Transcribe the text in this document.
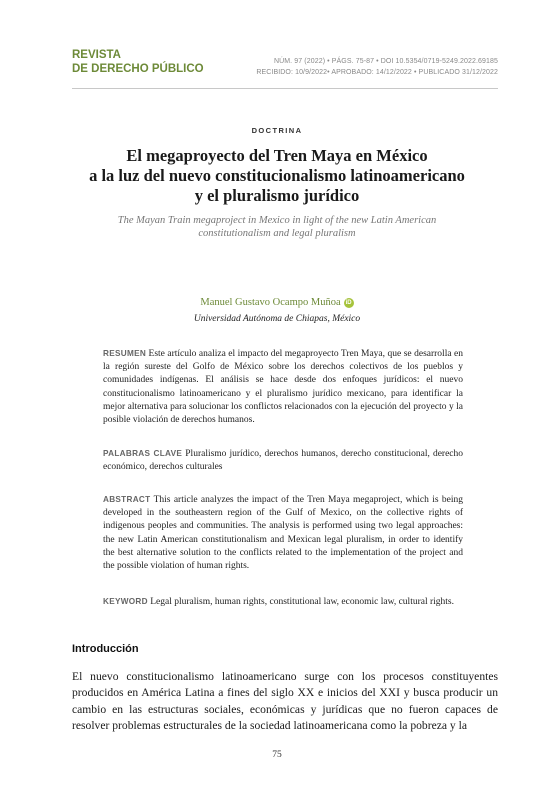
REVISTA
DE DERECHO PÚBLICO
NÚM. 97 (2022) • PÁGS. 75-87 • DOI 10.5354/0719-5249.2022.69185
RECIBIDO: 10/9/2022• APROBADO: 14/12/2022 • PUBLICADO 31/12/2022
DOCTRINA
El megaproyecto del Tren Maya en México
a la luz del nuevo constitucionalismo latinoamericano
y el pluralismo jurídico
The Mayan Train megaproject in Mexico in light of the new Latin American
constitutionalism and legal pluralism
Manuel Gustavo Ocampo Muñoa iD
Universidad Autónoma de Chiapas, México
RESUMEN Este artículo analiza el impacto del megaproyecto Tren Maya, que se desarrolla en la región sureste del Golfo de México sobre los derechos colectivos de los pueblos y comunidades indígenas. El análisis se hace desde dos enfoques jurídicos: el nuevo constitucionalismo latinoamericano y el pluralismo jurídico mexicano, para identificar la mejor alternativa para solucionar los conflictos relacionados con la ejecución del proyecto y la posible violación de derechos humanos.
PALABRAS CLAVE Pluralismo jurídico, derechos humanos, derecho constitucional, derecho económico, derechos culturales
ABSTRACT This article analyzes the impact of the Tren Maya megaproject, which is being developed in the southeastern region of the Gulf of Mexico, on the collective rights of indigenous peoples and communities. The analysis is performed using two legal approaches: the new Latin American constitutionalism and Mexican legal pluralism, in order to identify the best alternative solution to the conflicts related to the implementation of the project and the possible violation of human rights.
KEYWORD Legal pluralism, human rights, constitutional law, economic law, cultural rights.
Introducción
El nuevo constitucionalismo latinoamericano surge con los procesos constituyentes producidos en América Latina a fines del siglo XX e inicios del XXI y busca producir un cambio en las estructuras sociales, económicas y jurídicas que no fueron capaces de resolver problemas estructurales de la sociedad latinoamericana como la pobreza y la
75
